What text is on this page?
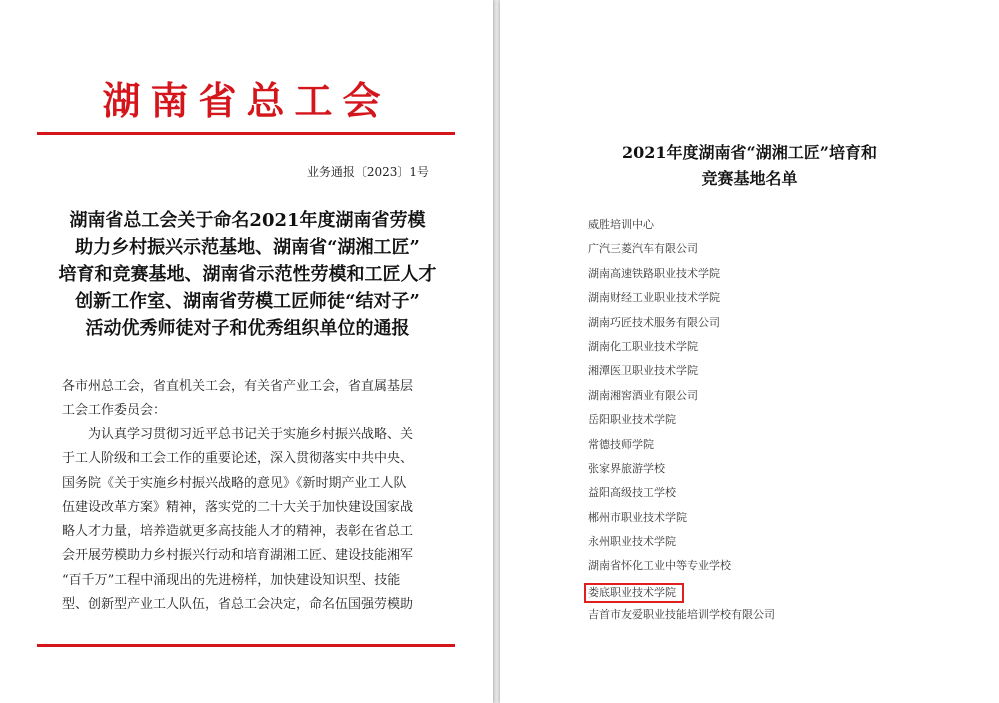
湖南省总工会
业务通报〔2023〕1号
湖南省总工会关于命名2021年度湖南省劳模
助力乡村振兴示范基地、湖南省“湖湘工匠”
培育和竞赛基地、湖南省示范性劳模和工匠人才
创新工作室、湖南省劳模工匠师徒“结对子”
活动优秀师徒对子和优秀组织单位的通报
各市州总工会，省直机关工会，有关省产业工会，省直属基层
工会工作委员会：
　　为认真学习贯彻习近平总书记关于实施乡村振兴战略、关
于工人阶级和工会工作的重要论述，深入贯彻落实中共中央、
国务院《关于实施乡村振兴战略的意见》《新时期产业工人队
伍建设改革方案》精神，落实党的二十大关于加快建设国家战
略人才力量，培养造就更多高技能人才的精神，表彰在省总工
会开展劳模助力乡村振兴行动和培育湖湘工匠、建设技能湘军
“百千万”工程中涌现出的先进榜样，加快建设知识型、技能
型、创新型产业工人队伍，省总工会决定，命名伍国强劳模助
2021年度湖南省“湖湘工匠”培育和
竞赛基地名单
威胜培训中心
广汽三菱汽车有限公司
湖南高速铁路职业技术学院
湖南财经工业职业技术学院
湖南巧匠技术服务有限公司
湖南化工职业技术学院
湘潭医卫职业技术学院
湖南湘窖酒业有限公司
岳阳职业技术学院
常德技师学院
张家界旅游学校
益阳高级技工学校
郴州市职业技术学院
永州职业技术学院
湖南省怀化工业中等专业学校
娄底职业技术学院
吉首市友爱职业技能培训学校有限公司
